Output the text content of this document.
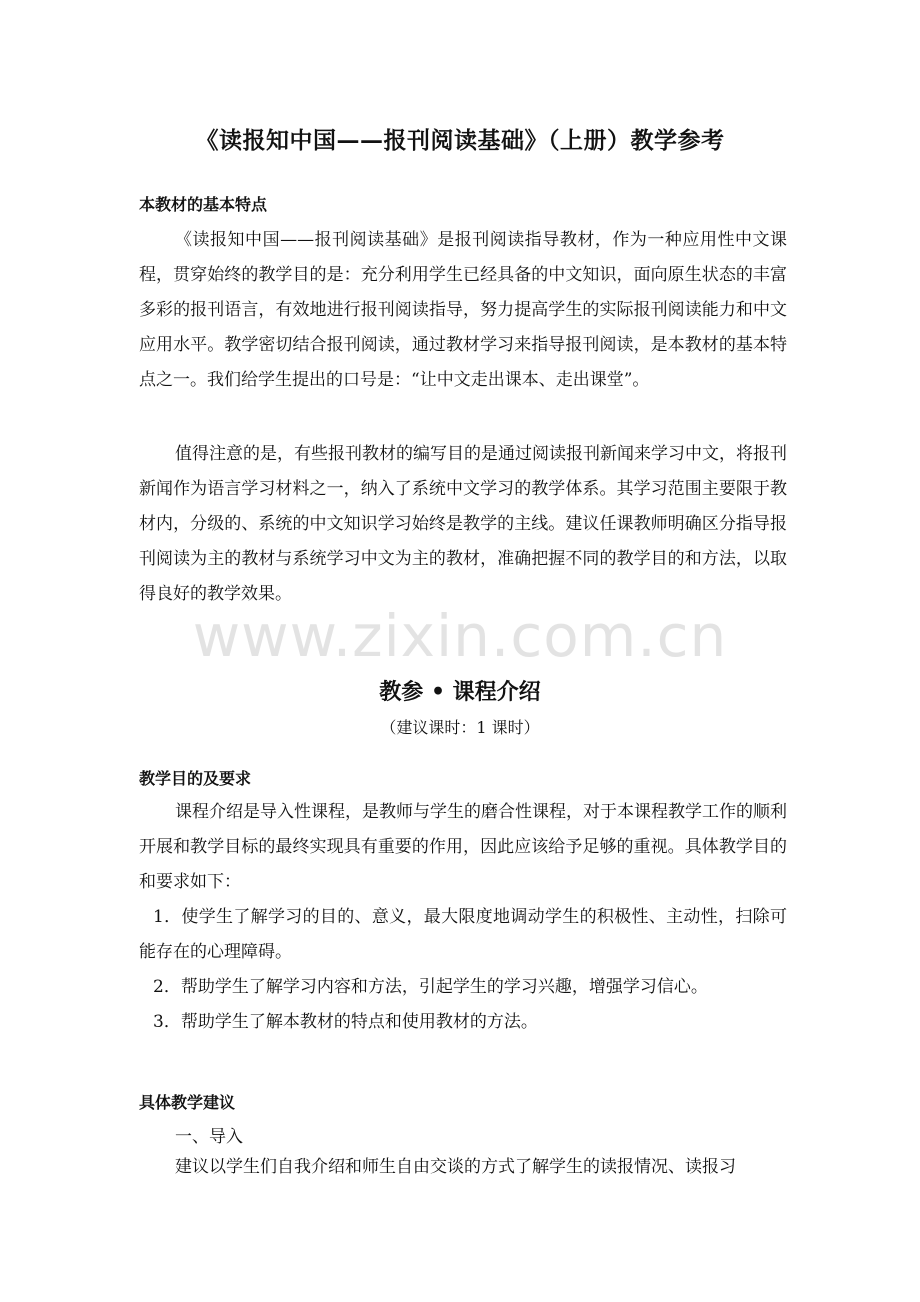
《读报知中国——报刊阅读基础》（上册）教学参考
本教材的基本特点

《读报知中国——报刊阅读基础》是报刊阅读指导教材，作为一种应用性中文课程，贯穿始终的教学目的是：充分利用学生已经具备的中文知识，面向原生状态的丰富多彩的报刊语言，有效地进行报刊阅读指导，努力提高学生的实际报刊阅读能力和中文应用水平。教学密切结合报刊阅读，通过教材学习来指导报刊阅读，是本教材的基本特点之一。我们给学生提出的口号是：“让中文走出课本、走出课堂”。

值得注意的是，有些报刊教材的编写目的是通过阅读报刊新闻来学习中文，将报刊新闻作为语言学习材料之一，纳入了系统中文学习的教学体系。其学习范围主要限于教材内，分级的、系统的中文知识学习始终是教学的主线。建议任课教师明确区分指导报刊阅读为主的教材与系统学习中文为主的教材，准确把握不同的教学目的和方法，以取得良好的教学效果。

www.zixin.com.cn
教参 • 课程介绍
（建议课时：1 课时）
教学目的及要求

课程介绍是导入性课程，是教师与学生的磨合性课程，对于本课程教学工作的顺利开展和教学目标的最终实现具有重要的作用，因此应该给予足够的重视。具体教学目的和要求如下：

1．使学生了解学习的目的、意义，最大限度地调动学生的积极性、主动性，扫除可能存在的心理障碍。

2．帮助学生了解学习内容和方法，引起学生的学习兴趣，增强学习信心。

3．帮助学生了解本教材的特点和使用教材的方法。

具体教学建议
一、导入

建议以学生们自我介绍和师生自由交谈的方式了解学生的读报情况、读报习
